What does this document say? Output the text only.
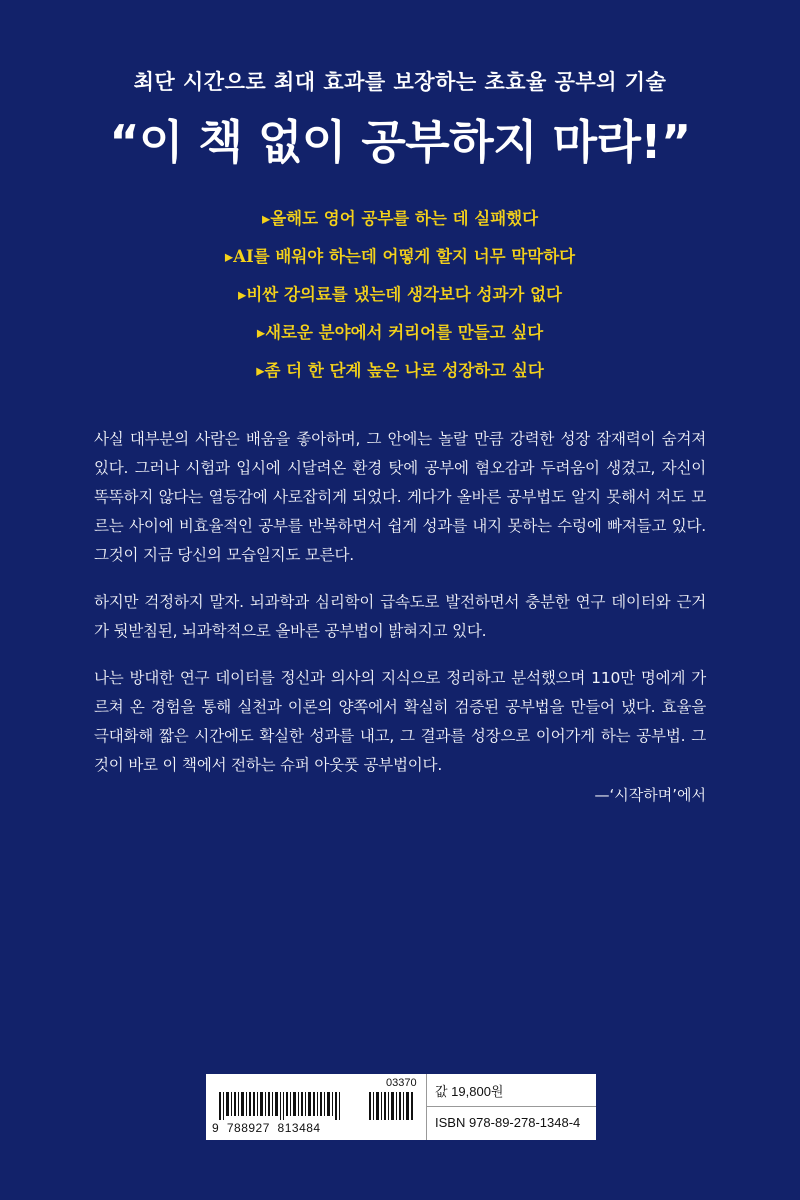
최단 시간으로 최대 효과를 보장하는 초효율 공부의 기술
“이 책 없이 공부하지 마라!”
▸올해도 영어 공부를 하는 데 실패했다
▸AI를 배워야 하는데 어떻게 할지 너무 막막하다
▸비싼 강의료를 냈는데 생각보다 성과가 없다
▸새로운 분야에서 커리어를 만들고 싶다
▸좀 더 한 단계 높은 나로 성장하고 싶다

사실 대부분의 사람은 배움을 좋아하며, 그 안에는 놀랄 만큼 강력한 성장 잠재력이 숨겨져 있다. 그러나 시험과 입시에 시달려온 환경 탓에 공부에 혐오감과 두려움이 생겼고, 자신이 똑똑하지 않다는 열등감에 사로잡히게 되었다. 게다가 올바른 공부법도 알지 못해서 저도 모르는 사이에 비효율적인 공부를 반복하면서 쉽게 성과를 내지 못하는 수렁에 빠져들고 있다. 그것이 지금 당신의 모습일지도 모른다.

하지만 걱정하지 말자. 뇌과학과 심리학이 급속도로 발전하면서 충분한 연구 데이터와 근거가 뒷받침된, 뇌과학적으로 올바른 공부법이 밝혀지고 있다.

나는 방대한 연구 데이터를 정신과 의사의 지식으로 정리하고 분석했으며 110만 명에게 가르쳐 온 경험을 통해 실천과 이론의 양쪽에서 확실히 검증된 공부법을 만들어 냈다. 효율을 극대화해 짧은 시간에도 확실한 성과를 내고, 그 결과를 성장으로 이어가게 하는 공부법. 그것이 바로 이 책에서 전하는 슈퍼 아웃풋 공부법이다.

—‘시작하며’에서
03370
9  788927  813484
값 19,800원
ISBN 978-89-278-1348-4
